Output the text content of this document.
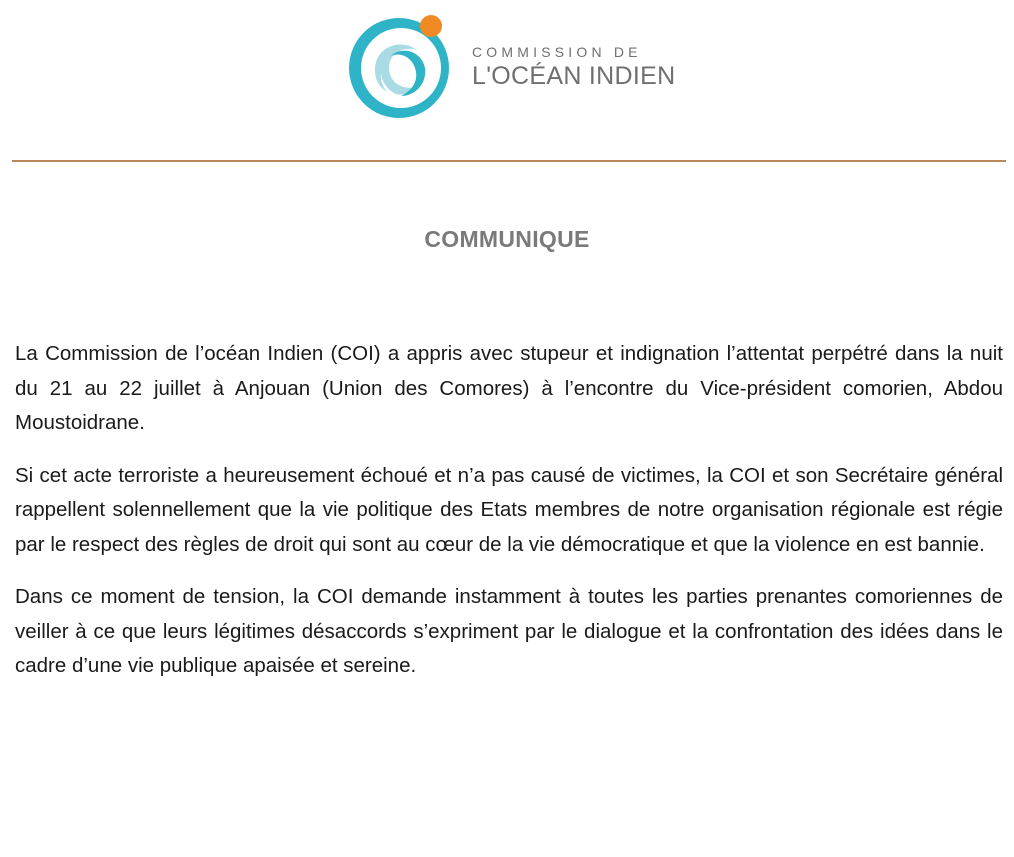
COMMISSION DE
L'OCÉAN INDIEN
COMMUNIQUE

La Commission de l’océan Indien (COI) a appris avec stupeur et indignation l’attentat perpétré dans la nuit du 21 au 22 juillet à Anjouan (Union des Comores) à l’encontre du Vice-président comorien, Abdou Moustoidrane.

Si cet acte terroriste a heureusement échoué et n’a pas causé de victimes, la COI et son Secrétaire général rappellent solennellement que la vie politique des Etats membres de notre organisation régionale est régie par le respect des règles de droit qui sont au cœur de la vie démocratique et que la violence en est bannie.

Dans ce moment de tension, la COI demande instamment à toutes les parties prenantes comoriennes de veiller à ce que leurs légitimes désaccords s’expriment par le dialogue et la confrontation des idées dans le cadre d’une vie publique apaisée et sereine.
